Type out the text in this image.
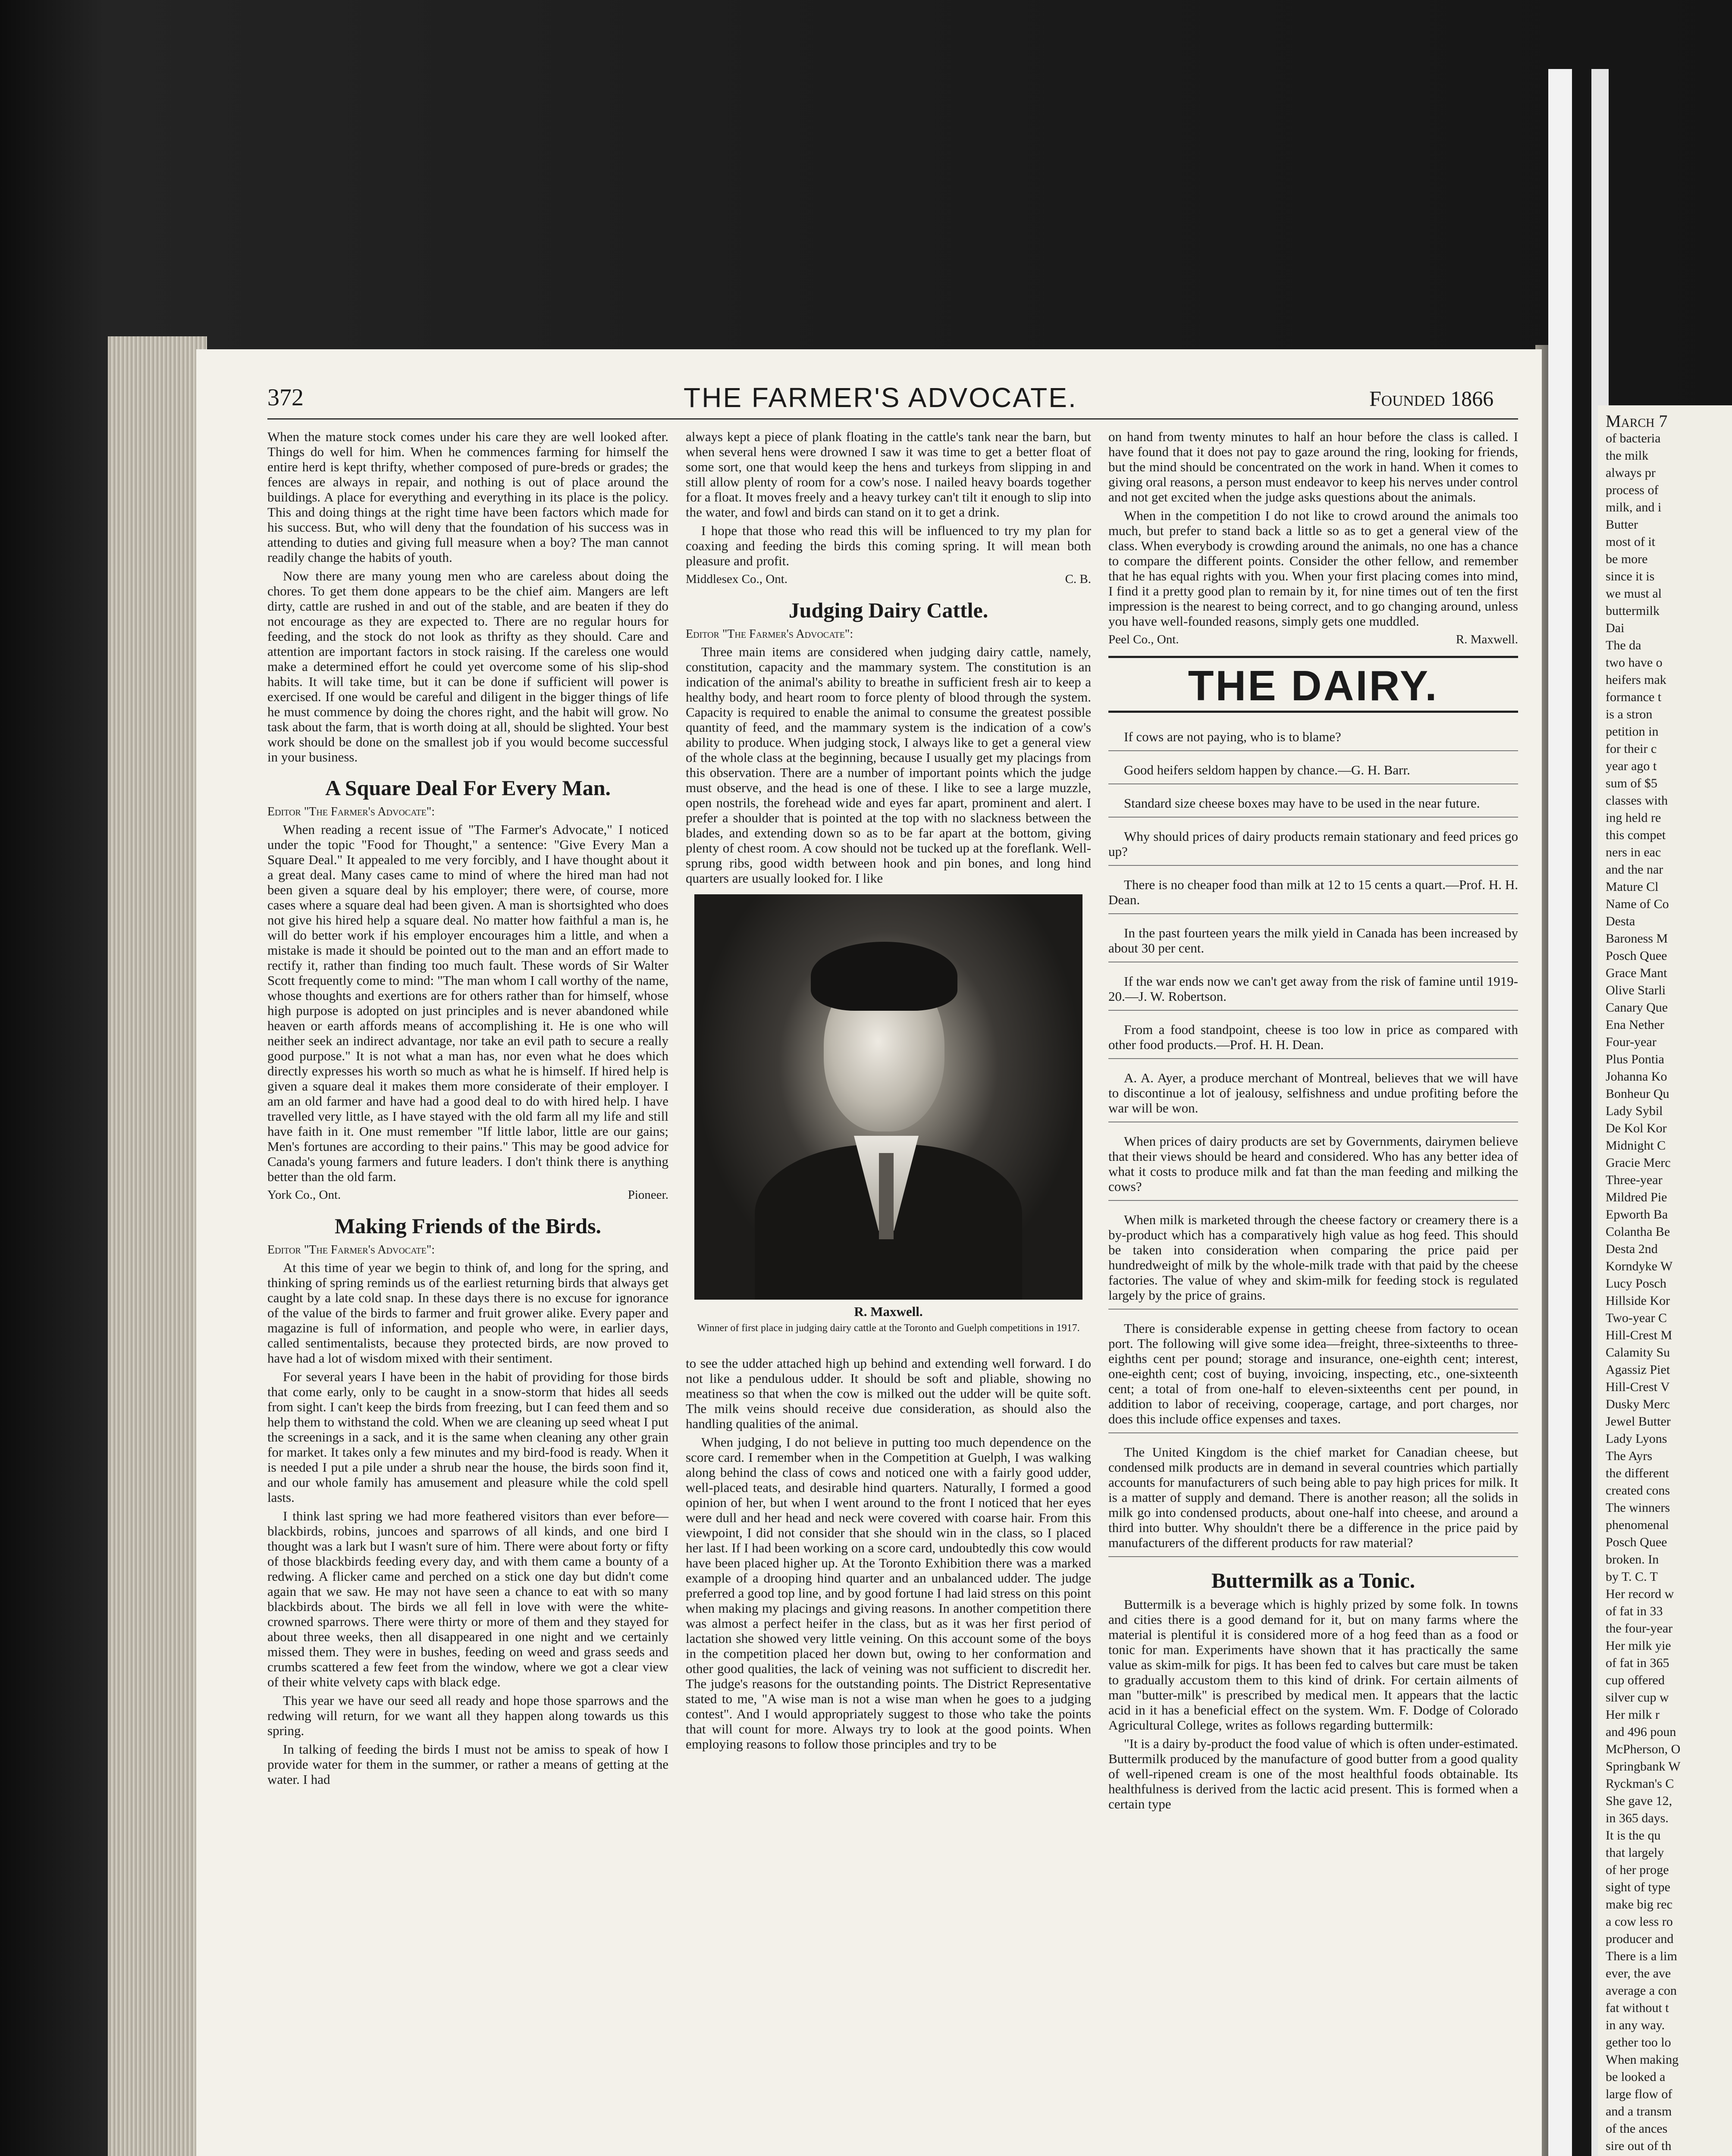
372	THE FARMER'S ADVOCATE.	Founded 1866

When the mature stock comes under his care they are well looked after. Things do well for him. When he commences farming for himself the entire herd is kept thrifty, whether composed of pure-breds or grades; the fences are always in repair, and nothing is out of place around the buildings. A place for everything and everything in its place is the policy. This and doing things at the right time have been factors which made for his success. But, who will deny that the foundation of his success was in attending to duties and giving full measure when a boy? The man cannot readily change the habits of youth.

Now there are many young men who are careless about doing the chores. To get them done appears to be the chief aim. Mangers are left dirty, cattle are rushed in and out of the stable, and are beaten if they do not encourage as they are expected to. There are no regular hours for feeding, and the stock do not look as thrifty as they should. Care and attention are important factors in stock raising. If the careless one would make a determined effort he could yet overcome some of his slip-shod habits. It will take time, but it can be done if sufficient will power is exercised. If one would be careful and diligent in the bigger things of life he must commence by doing the chores right, and the habit will grow. No task about the farm, that is worth doing at all, should be slighted. Your best work should be done on the smallest job if you would become successful in your business.

A Square Deal For Every Man.

Editor "The Farmer's Advocate":

When reading a recent issue of "The Farmer's Advocate," I noticed under the topic "Food for Thought," a sentence: "Give Every Man a Square Deal." It appealed to me very forcibly, and I have thought about it a great deal. Many cases came to mind of where the hired man had not been given a square deal by his employer; there were, of course, more cases where a square deal had been given. A man is shortsighted who does not give his hired help a square deal. No matter how faithful a man is, he will do better work if his employer encourages him a little, and when a mistake is made it should be pointed out to the man and an effort made to rectify it, rather than finding too much fault. These words of Sir Walter Scott frequently come to mind: "The man whom I call worthy of the name, whose thoughts and exertions are for others rather than for himself, whose high purpose is adopted on just principles and is never abandoned while heaven or earth affords means of accomplishing it. He is one who will neither seek an indirect advantage, nor take an evil path to secure a really good purpose." It is not what a man has, nor even what he does which directly expresses his worth so much as what he is himself. If hired help is given a square deal it makes them more considerate of their employer. I am an old farmer and have had a good deal to do with hired help. I have travelled very little, as I have stayed with the old farm all my life and still have faith in it. One must remember "If little labor, little are our gains; Men's fortunes are according to their pains." This may be good advice for Canada's young farmers and future leaders. I don't think there is anything better than the old farm.

York Co., Ont.	Pioneer.
Making Friends of the Birds.

Editor "The Farmer's Advocate":

At this time of year we begin to think of, and long for the spring, and thinking of spring reminds us of the earliest returning birds that always get caught by a late cold snap. In these days there is no excuse for ignorance of the value of the birds to farmer and fruit grower alike. Every paper and magazine is full of information, and people who were, in earlier days, called sentimentalists, because they protected birds, are now proved to have had a lot of wisdom mixed with their sentiment.

For several years I have been in the habit of providing for those birds that come early, only to be caught in a snow-storm that hides all seeds from sight. I can't keep the birds from freezing, but I can feed them and so help them to withstand the cold. When we are cleaning up seed wheat I put the screenings in a sack, and it is the same when cleaning any other grain for market. It takes only a few minutes and my bird-food is ready. When it is needed I put a pile under a shrub near the house, the birds soon find it, and our whole family has amusement and pleasure while the cold spell lasts.

I think last spring we had more feathered visitors than ever before—blackbirds, robins, juncoes and sparrows of all kinds, and one bird I thought was a lark but I wasn't sure of him. There were about forty or fifty of those blackbirds feeding every day, and with them came a bounty of a redwing. A flicker came and perched on a stick one day but didn't come again that we saw. He may not have seen a chance to eat with so many blackbirds about. The birds we all fell in love with were the white-crowned sparrows. There were thirty or more of them and they stayed for about three weeks, then all disappeared in one night and we certainly missed them. They were in bushes, feeding on weed and grass seeds and crumbs scattered a few feet from the window, where we got a clear view of their white velvety caps with black edge.

This year we have our seed all ready and hope those sparrows and the redwing will return, for we want all they happen along towards us this spring.

In talking of feeding the birds I must not be amiss to speak of how I provide water for them in the summer, or rather a means of getting at the water. I had

always kept a piece of plank floating in the cattle's tank near the barn, but when several hens were drowned I saw it was time to get a better float of some sort, one that would keep the hens and turkeys from slipping in and still allow plenty of room for a cow's nose. I nailed heavy boards together for a float. It moves freely and a heavy turkey can't tilt it enough to slip into the water, and fowl and birds can stand on it to get a drink.

I hope that those who read this will be influenced to try my plan for coaxing and feeding the birds this coming spring. It will mean both pleasure and profit.

Middlesex Co., Ont.	C. B.
Judging Dairy Cattle.

Editor "The Farmer's Advocate":

Three main items are considered when judging dairy cattle, namely, constitution, capacity and the mammary system. The constitution is an indication of the animal's ability to breathe in sufficient fresh air to keep a healthy body, and heart room to force plenty of blood through the system. Capacity is required to enable the animal to consume the greatest possible quantity of feed, and the mammary system is the indication of a cow's ability to produce. When judging stock, I always like to get a general view of the whole class at the beginning, because I usually get my placings from this observation. There are a number of important points which the judge must observe, and the head is one of these. I like to see a large muzzle, open nostrils, the forehead wide and eyes far apart, prominent and alert. I prefer a shoulder that is pointed at the top with no slackness between the blades, and extending down so as to be far apart at the bottom, giving plenty of chest room. A cow should not be tucked up at the foreflank. Well-sprung ribs, good width between hook and pin bones, and long hind quarters are usually looked for. I like

R. Maxwell.
Winner of first place in judging dairy cattle at the Toronto and Guelph competitions in 1917.

to see the udder attached high up behind and extending well forward. I do not like a pendulous udder. It should be soft and pliable, showing no meatiness so that when the cow is milked out the udder will be quite soft. The milk veins should receive due consideration, as should also the handling qualities of the animal.

When judging, I do not believe in putting too much dependence on the score card. I remember when in the Competition at Guelph, I was walking along behind the class of cows and noticed one with a fairly good udder, well-placed teats, and desirable hind quarters. Naturally, I formed a good opinion of her, but when I went around to the front I noticed that her eyes were dull and her head and neck were covered with coarse hair. From this viewpoint, I did not consider that she should win in the class, so I placed her last. If I had been working on a score card, undoubtedly this cow would have been placed higher up. At the Toronto Exhibition there was a marked example of a drooping hind quarter and an unbalanced udder. The judge preferred a good top line, and by good fortune I had laid stress on this point when making my placings and giving reasons. In another competition there was almost a perfect heifer in the class, but as it was her first period of lactation she showed very little veining. On this account some of the boys in the competition placed her down but, owing to her conformation and other good qualities, the lack of veining was not sufficient to discredit her. The judge's reasons for the outstanding points. The District Representative stated to me, "A wise man is not a wise man when he goes to a judging contest". And I would appropriately suggest to those who take the points that will count for more. Always try to look at the good points. When employing reasons to follow those principles and try to be

on hand from twenty minutes to half an hour before the class is called. I have found that it does not pay to gaze around the ring, looking for friends, but the mind should be concentrated on the work in hand. When it comes to giving oral reasons, a person must endeavor to keep his nerves under control and not get excited when the judge asks questions about the animals.

When in the competition I do not like to crowd around the animals too much, but prefer to stand back a little so as to get a general view of the class. When everybody is crowding around the animals, no one has a chance to compare the different points. Consider the other fellow, and remember that he has equal rights with you. When your first placing comes into mind, I find it a pretty good plan to remain by it, for nine times out of ten the first impression is the nearest to being correct, and to go changing around, unless you have well-founded reasons, simply gets one muddled.

Peel Co., Ont.	R. Maxwell.
THE DAIRY.

If cows are not paying, who is to blame?

Good heifers seldom happen by chance.—G. H. Barr.

Standard size cheese boxes may have to be used in the near future.

Why should prices of dairy products remain stationary and feed prices go up?

There is no cheaper food than milk at 12 to 15 cents a quart.—Prof. H. H. Dean.

In the past fourteen years the milk yield in Canada has been increased by about 30 per cent.

If the war ends now we can't get away from the risk of famine until 1919-20.—J. W. Robertson.

From a food standpoint, cheese is too low in price as compared with other food products.—Prof. H. H. Dean.

A. A. Ayer, a produce merchant of Montreal, believes that we will have to discontinue a lot of jealousy, selfishness and undue profiting before the war will be won.

When prices of dairy products are set by Governments, dairymen believe that their views should be heard and considered. Who has any better idea of what it costs to produce milk and fat than the man feeding and milking the cows?

When milk is marketed through the cheese factory or creamery there is a by-product which has a comparatively high value as hog feed. This should be taken into consideration when comparing the price paid per hundredweight of milk by the whole-milk trade with that paid by the cheese factories. The value of whey and skim-milk for feeding stock is regulated largely by the price of grains.

There is considerable expense in getting cheese from factory to ocean port. The following will give some idea—freight, three-sixteenths to three-eighths cent per pound; storage and insurance, one-eighth cent; interest, one-eighth cent; cost of buying, invoicing, inspecting, etc., one-sixteenth cent; a total of from one-half to eleven-sixteenths cent per pound, in addition to labor of receiving, cooperage, cartage, and port charges, nor does this include office expenses and taxes.

The United Kingdom is the chief market for Canadian cheese, but condensed milk products are in demand in several countries which partially accounts for manufacturers of such being able to pay high prices for milk. It is a matter of supply and demand. There is another reason; all the solids in milk go into condensed products, about one-half into cheese, and around a third into butter. Why shouldn't there be a difference in the price paid by manufacturers of the different products for raw material?

Buttermilk as a Tonic.

Buttermilk is a beverage which is highly prized by some folk. In towns and cities there is a good demand for it, but on many farms where the material is plentiful it is considered more of a hog feed than as a food or tonic for man. Experiments have shown that it has practically the same value as skim-milk for pigs. It has been fed to calves but care must be taken to gradually accustom them to this kind of drink. For certain ailments of man "butter-milk" is prescribed by medical men. It appears that the lactic acid in it has a beneficial effect on the system. Wm. F. Dodge of Colorado Agricultural College, writes as follows regarding buttermilk:

"It is a dairy by-product the food value of which is often under-estimated. Buttermilk produced by the manufacture of good butter from a good quality of well-ripened cream is one of the most healthful foods obtainable. Its healthfulness is derived from the lactic acid present. This is formed when a certain type

March 7
of bacteria
the milk
always pr
process of
milk, and i
Butter
most of it
be more
since it is
we must al
buttermilk
Dai
The da
two have o
heifers mak
formance t
is a stron
petition in
for their c
year ago t
sum of $5
classes with
ing held re
this compet
ners in eac
and the nar
Mature Cl
Name of Co
Desta
Baroness M
Posch Quee
Grace Mant
Olive Starli
Canary Que
Ena Nether
Four-year
Plus Pontia
Johanna Ko
Bonheur Qu
Lady Sybil
De Kol Kor
Midnight C
Gracie Merc
Three-year
Mildred Pie
Epworth Ba
Colantha Be
Desta 2nd
Korndyke W
Lucy Posch
Hillside Kor
Two-year C
Hill-Crest M
Calamity Su
Agassiz Piet
Hill-Crest V
Dusky Merc
Jewel Butter
Lady Lyons
The Ayrs
the different
created cons
The winners
phenomenal
Posch Quee
broken. In
by T. C. T
Her record w
of fat in 33
the four-year
Her milk yie
of fat in 365
cup offered
silver cup w
Her milk r
and 496 poun
McPherson, O
Springbank W
Ryckman's C
She gave 12,
in 365 days.
It is the qu
that largely
of her proge
sight of type
make big rec
a cow less ro
producer and
There is a lim
ever, the ave
average a con
fat without t
in any way.
gether too lo
When making
be looked a
large flow of
and a transm
of the ances
sire out of th
